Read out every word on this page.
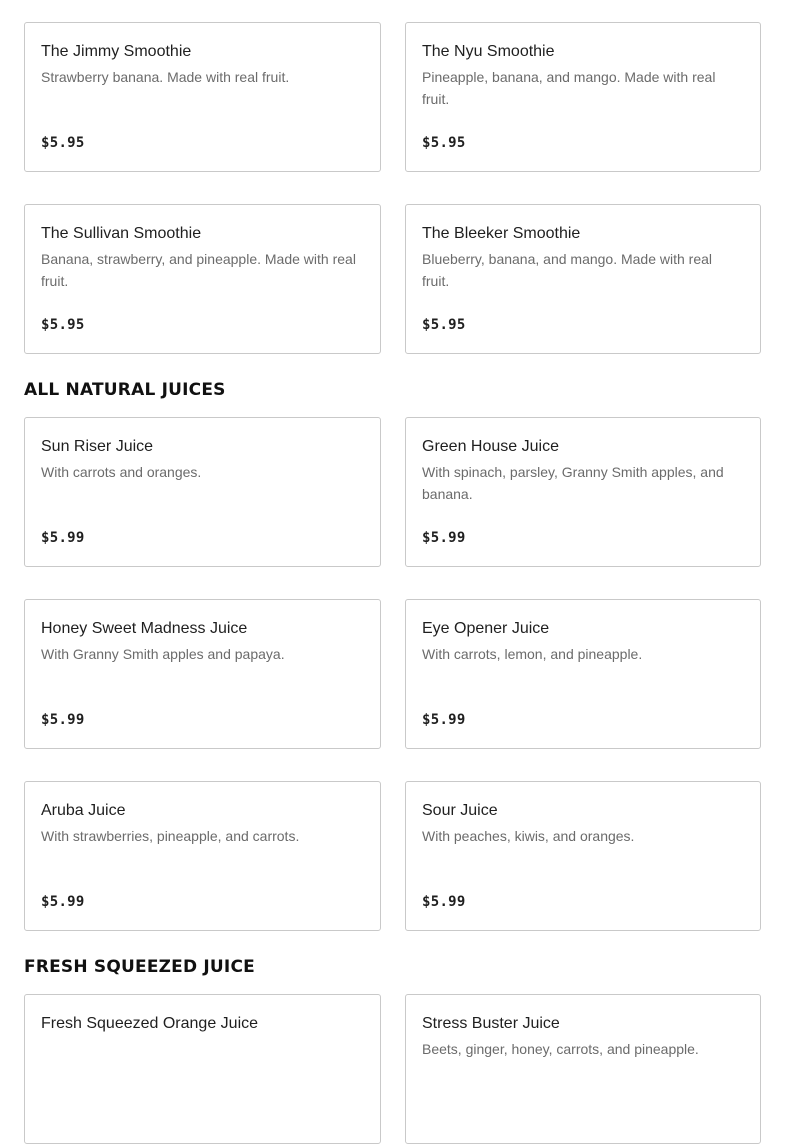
The Jimmy Smoothie
Strawberry banana. Made with real fruit.
$5.95
The Nyu Smoothie
Pineapple, banana, and mango. Made with real fruit.
$5.95
The Sullivan Smoothie
Banana, strawberry, and pineapple. Made with real fruit.
$5.95
The Bleeker Smoothie
Blueberry, banana, and mango. Made with real fruit.
$5.95
ALL NATURAL JUICES
Sun Riser Juice
With carrots and oranges.
$5.99
Green House Juice
With spinach, parsley, Granny Smith apples, and banana.
$5.99
Honey Sweet Madness Juice
With Granny Smith apples and papaya.
$5.99
Eye Opener Juice
With carrots, lemon, and pineapple.
$5.99
Aruba Juice
With strawberries, pineapple, and carrots.
$5.99
Sour Juice
With peaches, kiwis, and oranges.
$5.99
FRESH SQUEEZED JUICE
Fresh Squeezed Orange Juice	Stress Buster Juice
Beets, ginger, honey, carrots, and pineapple.
